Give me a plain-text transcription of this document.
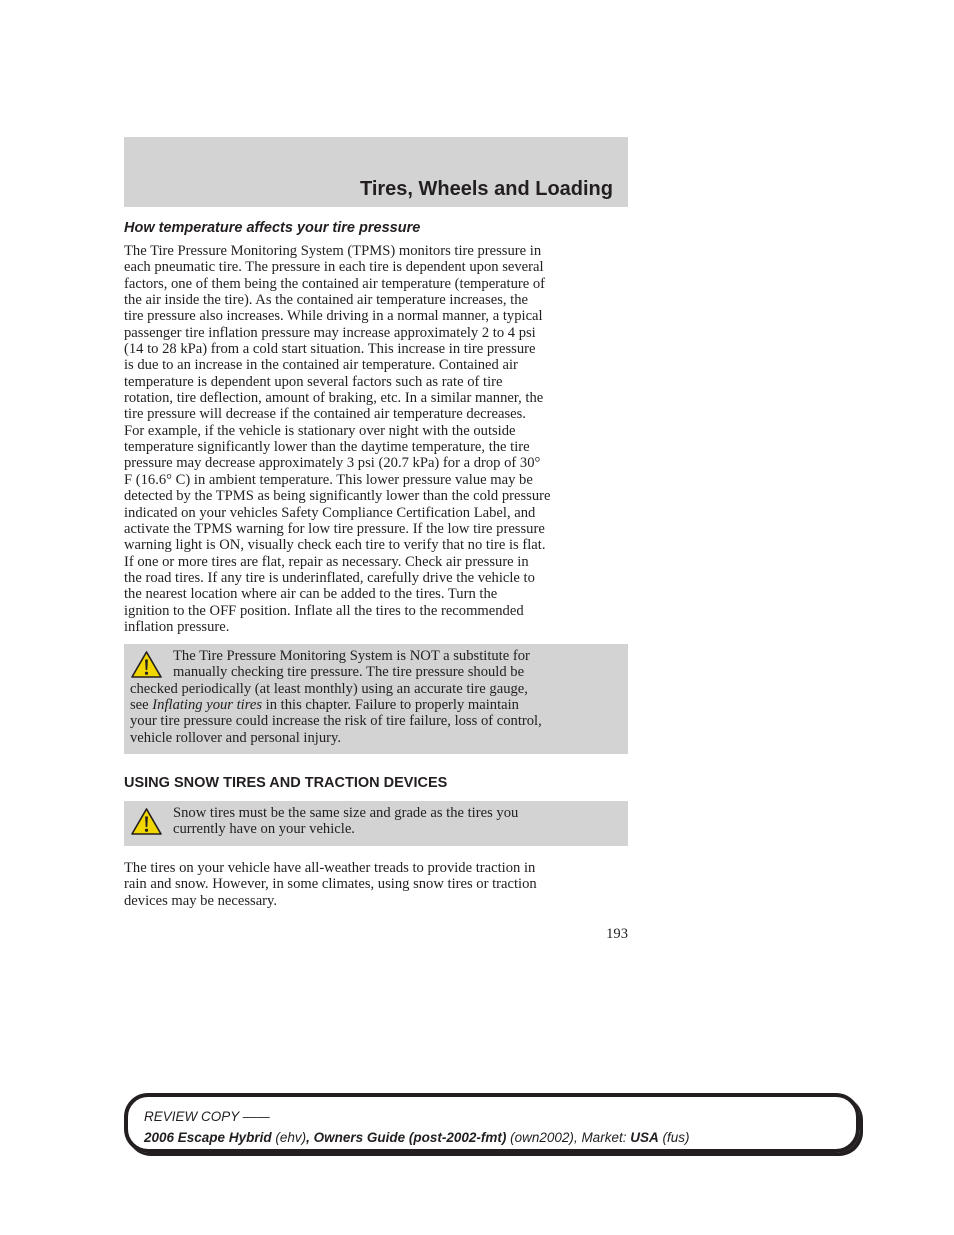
Tires, Wheels and Loading
How temperature affects your tire pressure
The Tire Pressure Monitoring System (TPMS) monitors tire pressure in
each pneumatic tire. The pressure in each tire is dependent upon several
factors, one of them being the contained air temperature (temperature of
the air inside the tire). As the contained air temperature increases, the
tire pressure also increases. While driving in a normal manner, a typical
passenger tire inflation pressure may increase approximately 2 to 4 psi
(14 to 28 kPa) from a cold start situation. This increase in tire pressure
is due to an increase in the contained air temperature. Contained air
temperature is dependent upon several factors such as rate of tire
rotation, tire deflection, amount of braking, etc. In a similar manner, the
tire pressure will decrease if the contained air temperature decreases.
For example, if the vehicle is stationary over night with the outside
temperature significantly lower than the daytime temperature, the tire
pressure may decrease approximately 3 psi (20.7 kPa) for a drop of 30°
F (16.6° C) in ambient temperature. This lower pressure value may be
detected by the TPMS as being significantly lower than the cold pressure
indicated on your vehicles Safety Compliance Certification Label, and
activate the TPMS warning for low tire pressure. If the low tire pressure
warning light is ON, visually check each tire to verify that no tire is flat.
If one or more tires are flat, repair as necessary. Check air pressure in
the road tires. If any tire is underinflated, carefully drive the vehicle to
the nearest location where air can be added to the tires. Turn the
ignition to the OFF position. Inflate all the tires to the recommended
inflation pressure.
The Tire Pressure Monitoring System is NOT a substitute for
manually checking tire pressure. The tire pressure should be
checked periodically (at least monthly) using an accurate tire gauge,
see Inflating your tires in this chapter. Failure to properly maintain
your tire pressure could increase the risk of tire failure, loss of control,
vehicle rollover and personal injury.
USING SNOW TIRES AND TRACTION DEVICES
Snow tires must be the same size and grade as the tires you
currently have on your vehicle.
The tires on your vehicle have all-weather treads to provide traction in
rain and snow. However, in some climates, using snow tires or traction
devices may be necessary.
193
REVIEW COPY ——
2006 Escape Hybrid (ehv), Owners Guide (post-2002-fmt) (own2002), Market: USA (fus)
